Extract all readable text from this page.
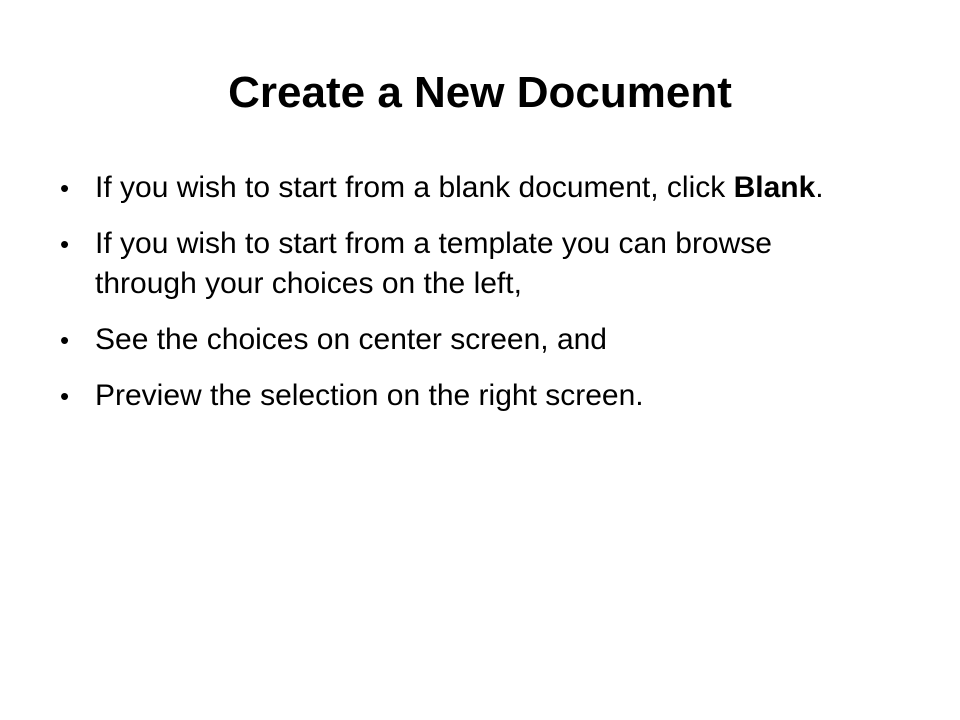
Create a New Document
• If you wish to start from a blank document, click Blank.
• If you wish to start from a template you can browse through your choices on the left,
• See the choices on center screen, and
• Preview the selection on the right screen.
